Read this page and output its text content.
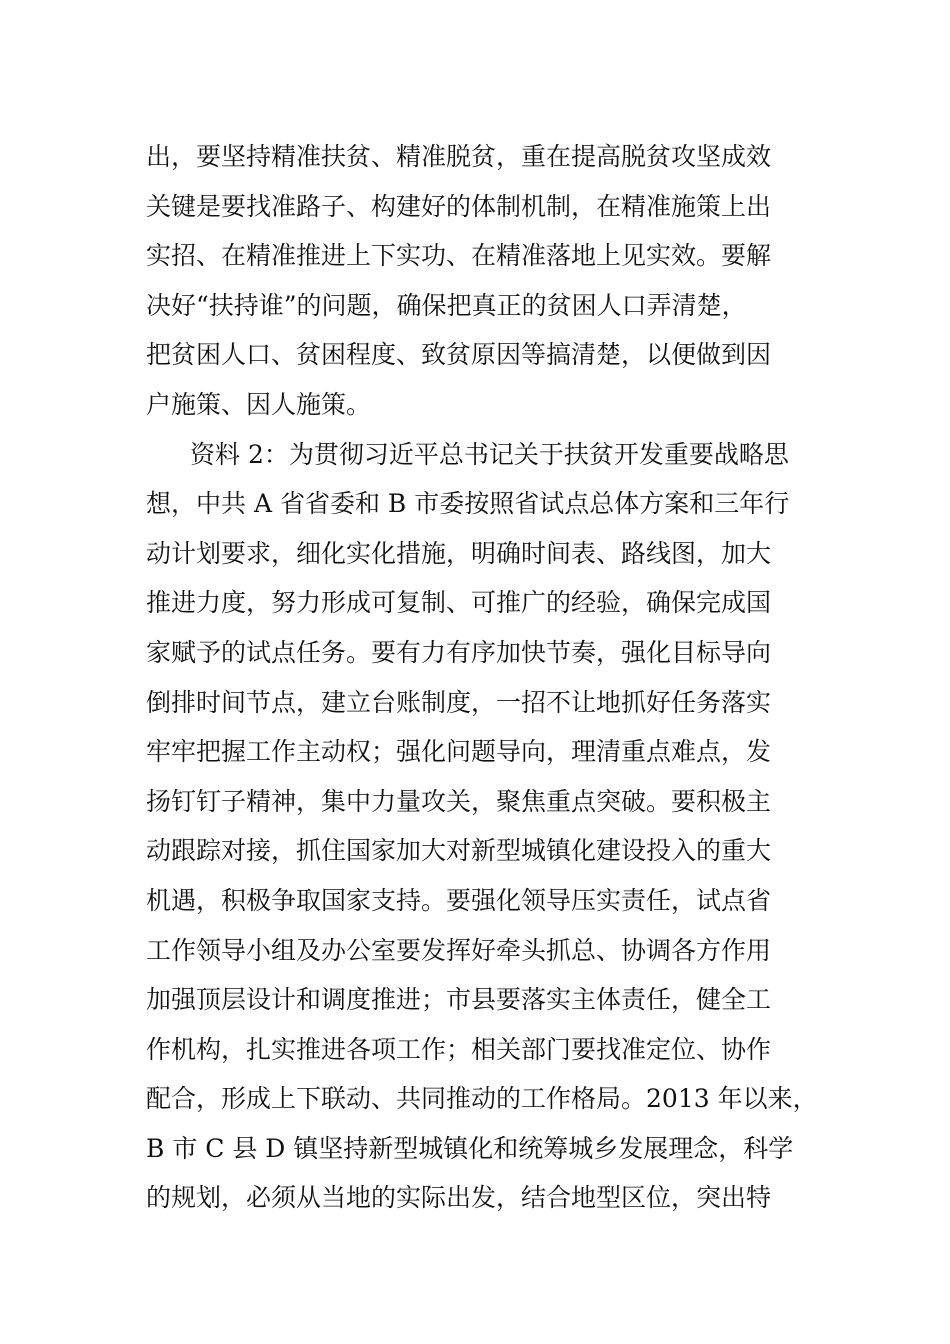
出，要坚持精准扶贫、精准脱贫，重在提高脱贫攻坚成效
关键是要找准路子、构建好的体制机制，在精准施策上出
实招、在精准推进上下实功、在精准落地上见实效。要解
决好“扶持谁”的问题，确保把真正的贫困人口弄清楚，
把贫困人口、贫困程度、致贫原因等搞清楚，以便做到因
户施策、因人施策。
资料 2：为贯彻习近平总书记关于扶贫开发重要战略思
想，中共 A 省省委和 B 市委按照省试点总体方案和三年行
动计划要求，细化实化措施，明确时间表、路线图，加大
推进力度，努力形成可复制、可推广的经验，确保完成国
家赋予的试点任务。要有力有序加快节奏，强化目标导向
倒排时间节点，建立台账制度，一招不让地抓好任务落实
牢牢把握工作主动权；强化问题导向，理清重点难点，发
扬钉钉子精神，集中力量攻关，聚焦重点突破。要积极主
动跟踪对接，抓住国家加大对新型城镇化建设投入的重大
机遇，积极争取国家支持。要强化领导压实责任，试点省
工作领导小组及办公室要发挥好牵头抓总、协调各方作用
加强顶层设计和调度推进；市县要落实主体责任，健全工
作机构，扎实推进各项工作；相关部门要找准定位、协作
配合，形成上下联动、共同推动的工作格局。2013 年以来，
B 市 C 县 D 镇坚持新型城镇化和统筹城乡发展理念，科学
的规划，必须从当地的实际出发，结合地型区位，突出特
